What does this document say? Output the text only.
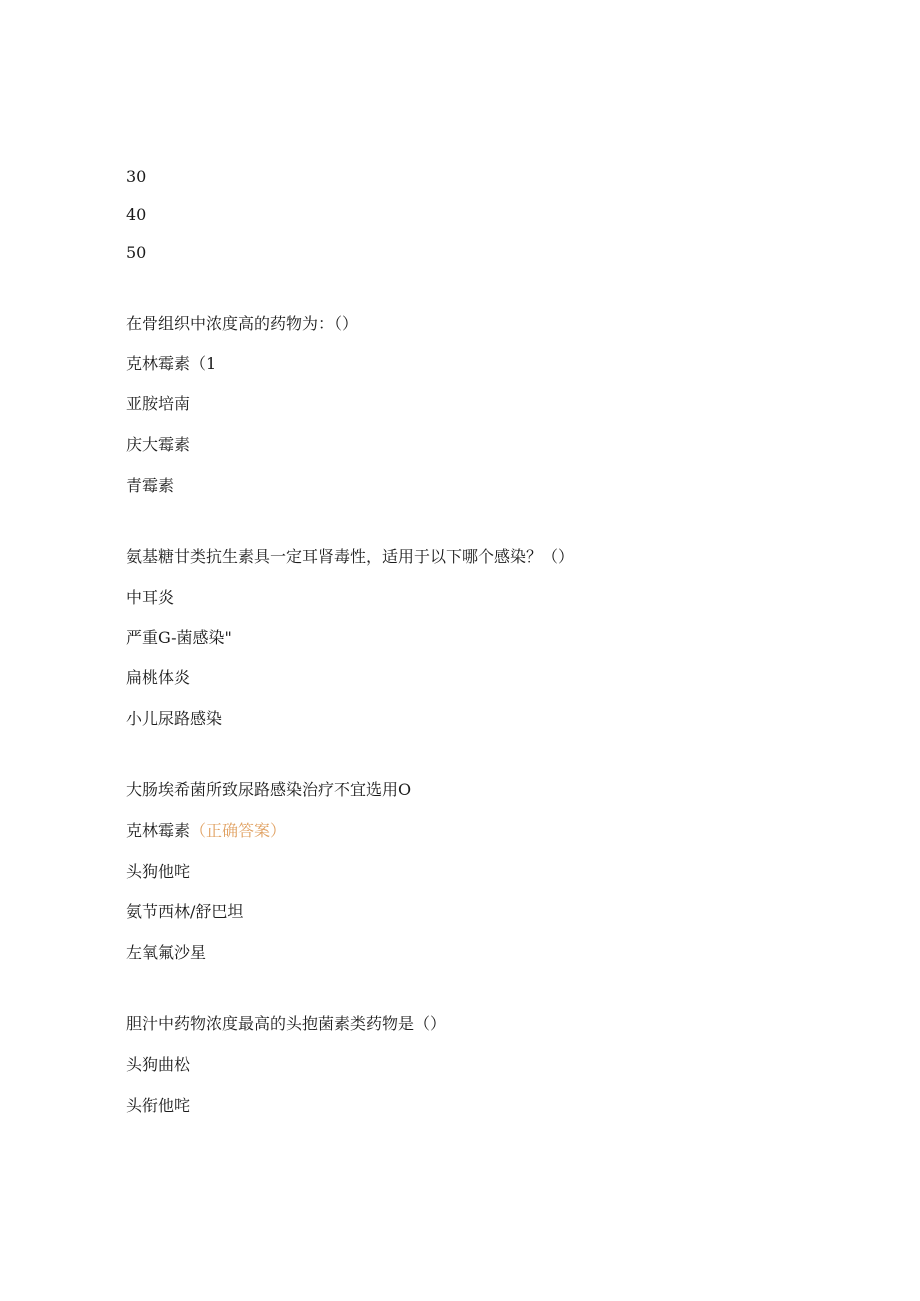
30
40
50
在骨组织中浓度高的药物为：（）
克林霉素（1
亚胺培南
庆大霉素
青霉素
氨基糖甘类抗生素具一定耳肾毒性，适用于以下哪个感染？（）
中耳炎
严重G-菌感染"
扁桃体炎
小儿尿路感染
大肠埃希菌所致尿路感染治疗不宜选用O
克林霉素（正确答案）
头狗他咤
氨节西林/舒巴坦
左氧氟沙星
胆汁中药物浓度最高的头抱菌素类药物是（）
头狗曲松
头衔他咤
